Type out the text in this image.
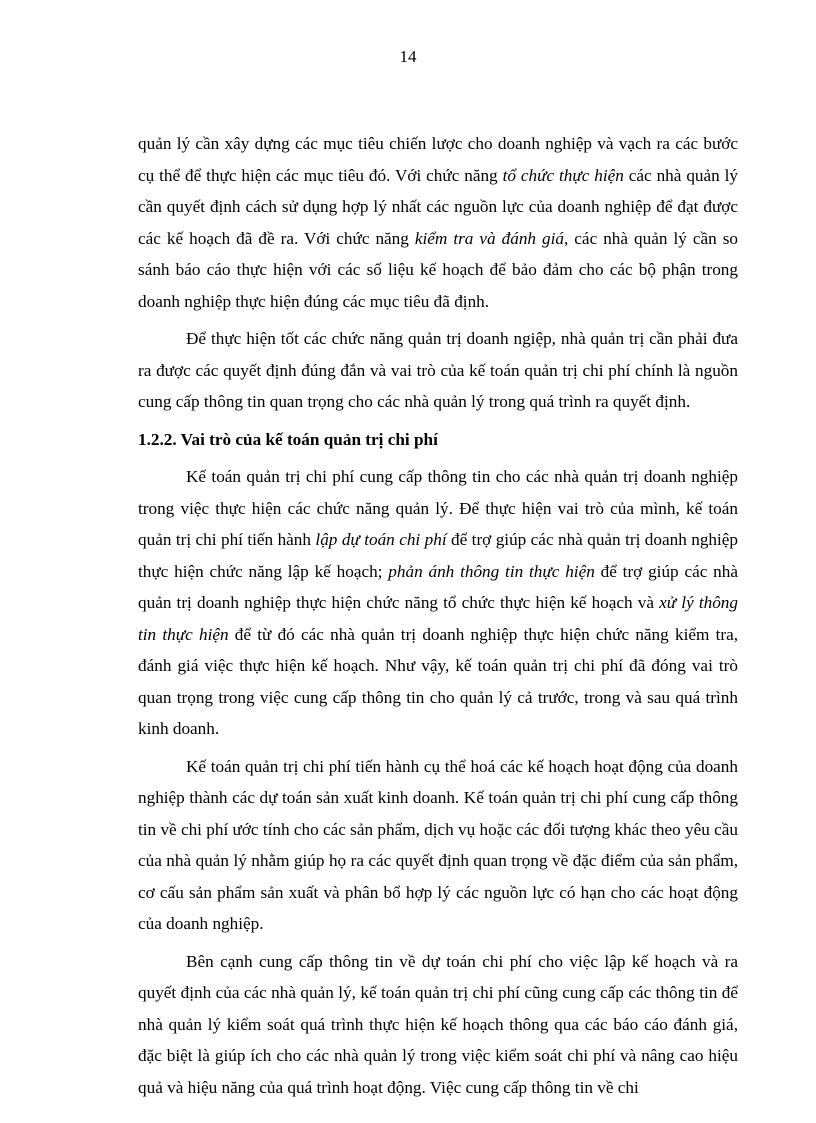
14

quản lý cần xây dựng các mục tiêu chiến lược cho doanh nghiệp và vạch ra các bước cụ thể để thực hiện các mục tiêu đó. Với chức năng tổ chức thực hiện các nhà quản lý cần quyết định cách sử dụng hợp lý nhất các nguồn lực của doanh nghiệp để đạt được các kế hoạch đã đề ra. Với chức năng kiểm tra và đánh giá, các nhà quản lý cần so sánh báo cáo thực hiện với các số liệu kế hoạch để bảo đảm cho các bộ phận trong doanh nghiệp thực hiện đúng các mục tiêu đã định.

Để thực hiện tốt các chức năng quản trị doanh ngiệp, nhà quản trị cần phải đưa ra được các quyết định đúng đắn và vai trò của kế toán quản trị chi phí chính là nguồn cung cấp thông tin quan trọng cho các nhà quản lý trong quá trình ra quyết định.

1.2.2. Vai trò của kế toán quản trị chi phí

Kế toán quản trị chi phí cung cấp thông tin cho các nhà quản trị doanh nghiệp trong việc thực hiện các chức năng quản lý. Để thực hiện vai trò của mình, kế toán quản trị chi phí tiến hành lập dự toán chi phí để trợ giúp các nhà quản trị doanh nghiệp thực hiện chức năng lập kế hoạch; phản ánh thông tin thực hiện để trợ giúp các nhà quản trị doanh nghiệp thực hiện chức năng tổ chức thực hiện kế hoạch và xử lý thông tin thực hiện để từ đó các nhà quản trị doanh nghiệp thực hiện chức năng kiểm tra, đánh giá việc thực hiện kế hoạch. Như vậy, kế toán quản trị chi phí đã đóng vai trò quan trọng trong việc cung cấp thông tin cho quản lý cả trước, trong và sau quá trình kinh doanh.

Kế toán quản trị chi phí tiến hành cụ thể hoá các kế hoạch hoạt động của doanh nghiệp thành các dự toán sản xuất kinh doanh. Kế toán quản trị chi phí cung cấp thông tin về chi phí ước tính cho các sản phẩm, dịch vụ hoặc các đối tượng khác theo yêu cầu của nhà quản lý nhằm giúp họ ra các quyết định quan trọng về đặc điểm của sản phẩm, cơ cấu sản phẩm sản xuất và phân bổ hợp lý các nguồn lực có hạn cho các hoạt động của doanh nghiệp.

Bên cạnh cung cấp thông tin về dự toán chi phí cho việc lập kế hoạch và ra quyết định của các nhà quản lý, kế toán quản trị chi phí cũng cung cấp các thông tin để nhà quản lý kiểm soát quá trình thực hiện kế hoạch thông qua các báo cáo đánh giá, đặc biệt là giúp ích cho các nhà quản lý trong việc kiểm soát chi phí và nâng cao hiệu quả và hiệu năng của quá trình hoạt động. Việc cung cấp thông tin về chi
